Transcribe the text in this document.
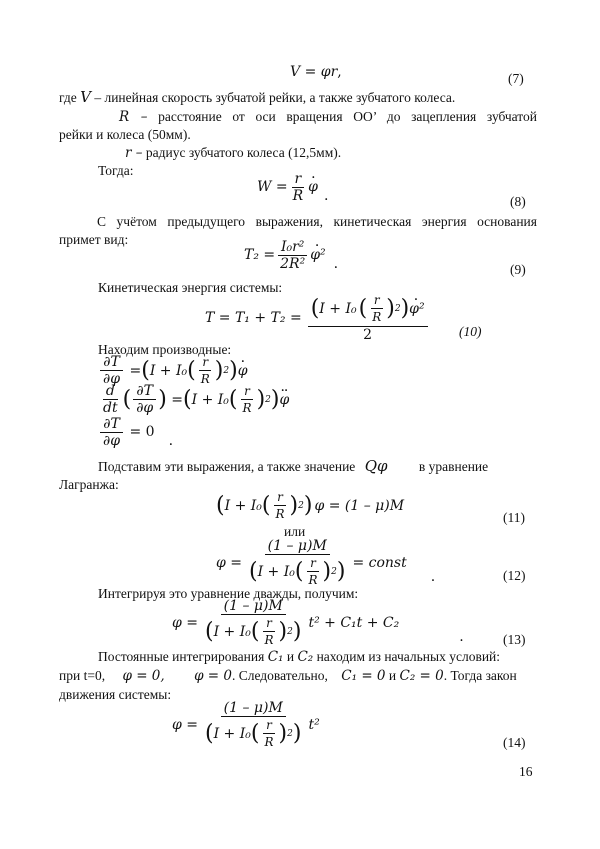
V = φr ,	(7)
где V – линейная скорость зубчатой рейки, а также зубчатого колеса.
R – расстояние от оси вращения ОО’ до зацепления зубчатой
рейки и колеса (50мм).
r – радиус зубчатого колеса (12,5мм).
Тогда:
$W = \frac{r}{R}$ φ ·
.	(8)
С учётом предыдущего выражения, кинетическая энергия основания
примет вид:
$T_2 = \frac{\text{I₀r²}}{\text{2R²}} \varphi^2$ ·
.	(9)
Кинетическая энергия системы:
$T = T_1 + T_2 = \frac{( I + I_0 ( \frac{r}{R} ) 2 ) \varphi^2 \cdot}{2} (10)$
Находим производные:
$\frac{\partial T}{\partial\varphi}$ = ( I + I₀ ( $\frac{r}{R}$ ) 2 ) φ ·
$\frac{d}{dt}$ ( $\frac{\partial T}{\partial\varphi}$ ) = ( I + I₀ ( $\frac{r}{R}$ ) 2 ) φ ··
$\frac{\partial T}{\partial\varphi}$
= 0
.
Подставим эти выражения, а также значение Qφ в уравнение
Лагранжа:
( I + I₀ ( $\frac{r}{R}$ ) 2 ) φ = (1 – μ)M
(11)
или
$\varphi = \frac{(1 - \mu)M}{( I + I_0 ( \frac{r}{R} ) 2 )}$ = const
.	(12)
Интегрируя это уравнение дважды, получим:
$\varphi = \frac{(1 - \mu)M}{( I + I_0 ( \frac{r}{R} ) 2 )} t^2 + C_1t + C_2$
.	(13)
Постоянные интегрирования C₁ и C₂ находим из начальных условий:
при t=0, φ = 0, φ = 0. Следовательно, C₁ = 0 и C₂ = 0. Тогда закон
движения системы:
$\varphi = \frac{(1 - \mu)M}{( I + I_0 ( \frac{r}{R} ) 2 )} t^2$
(14)
16
